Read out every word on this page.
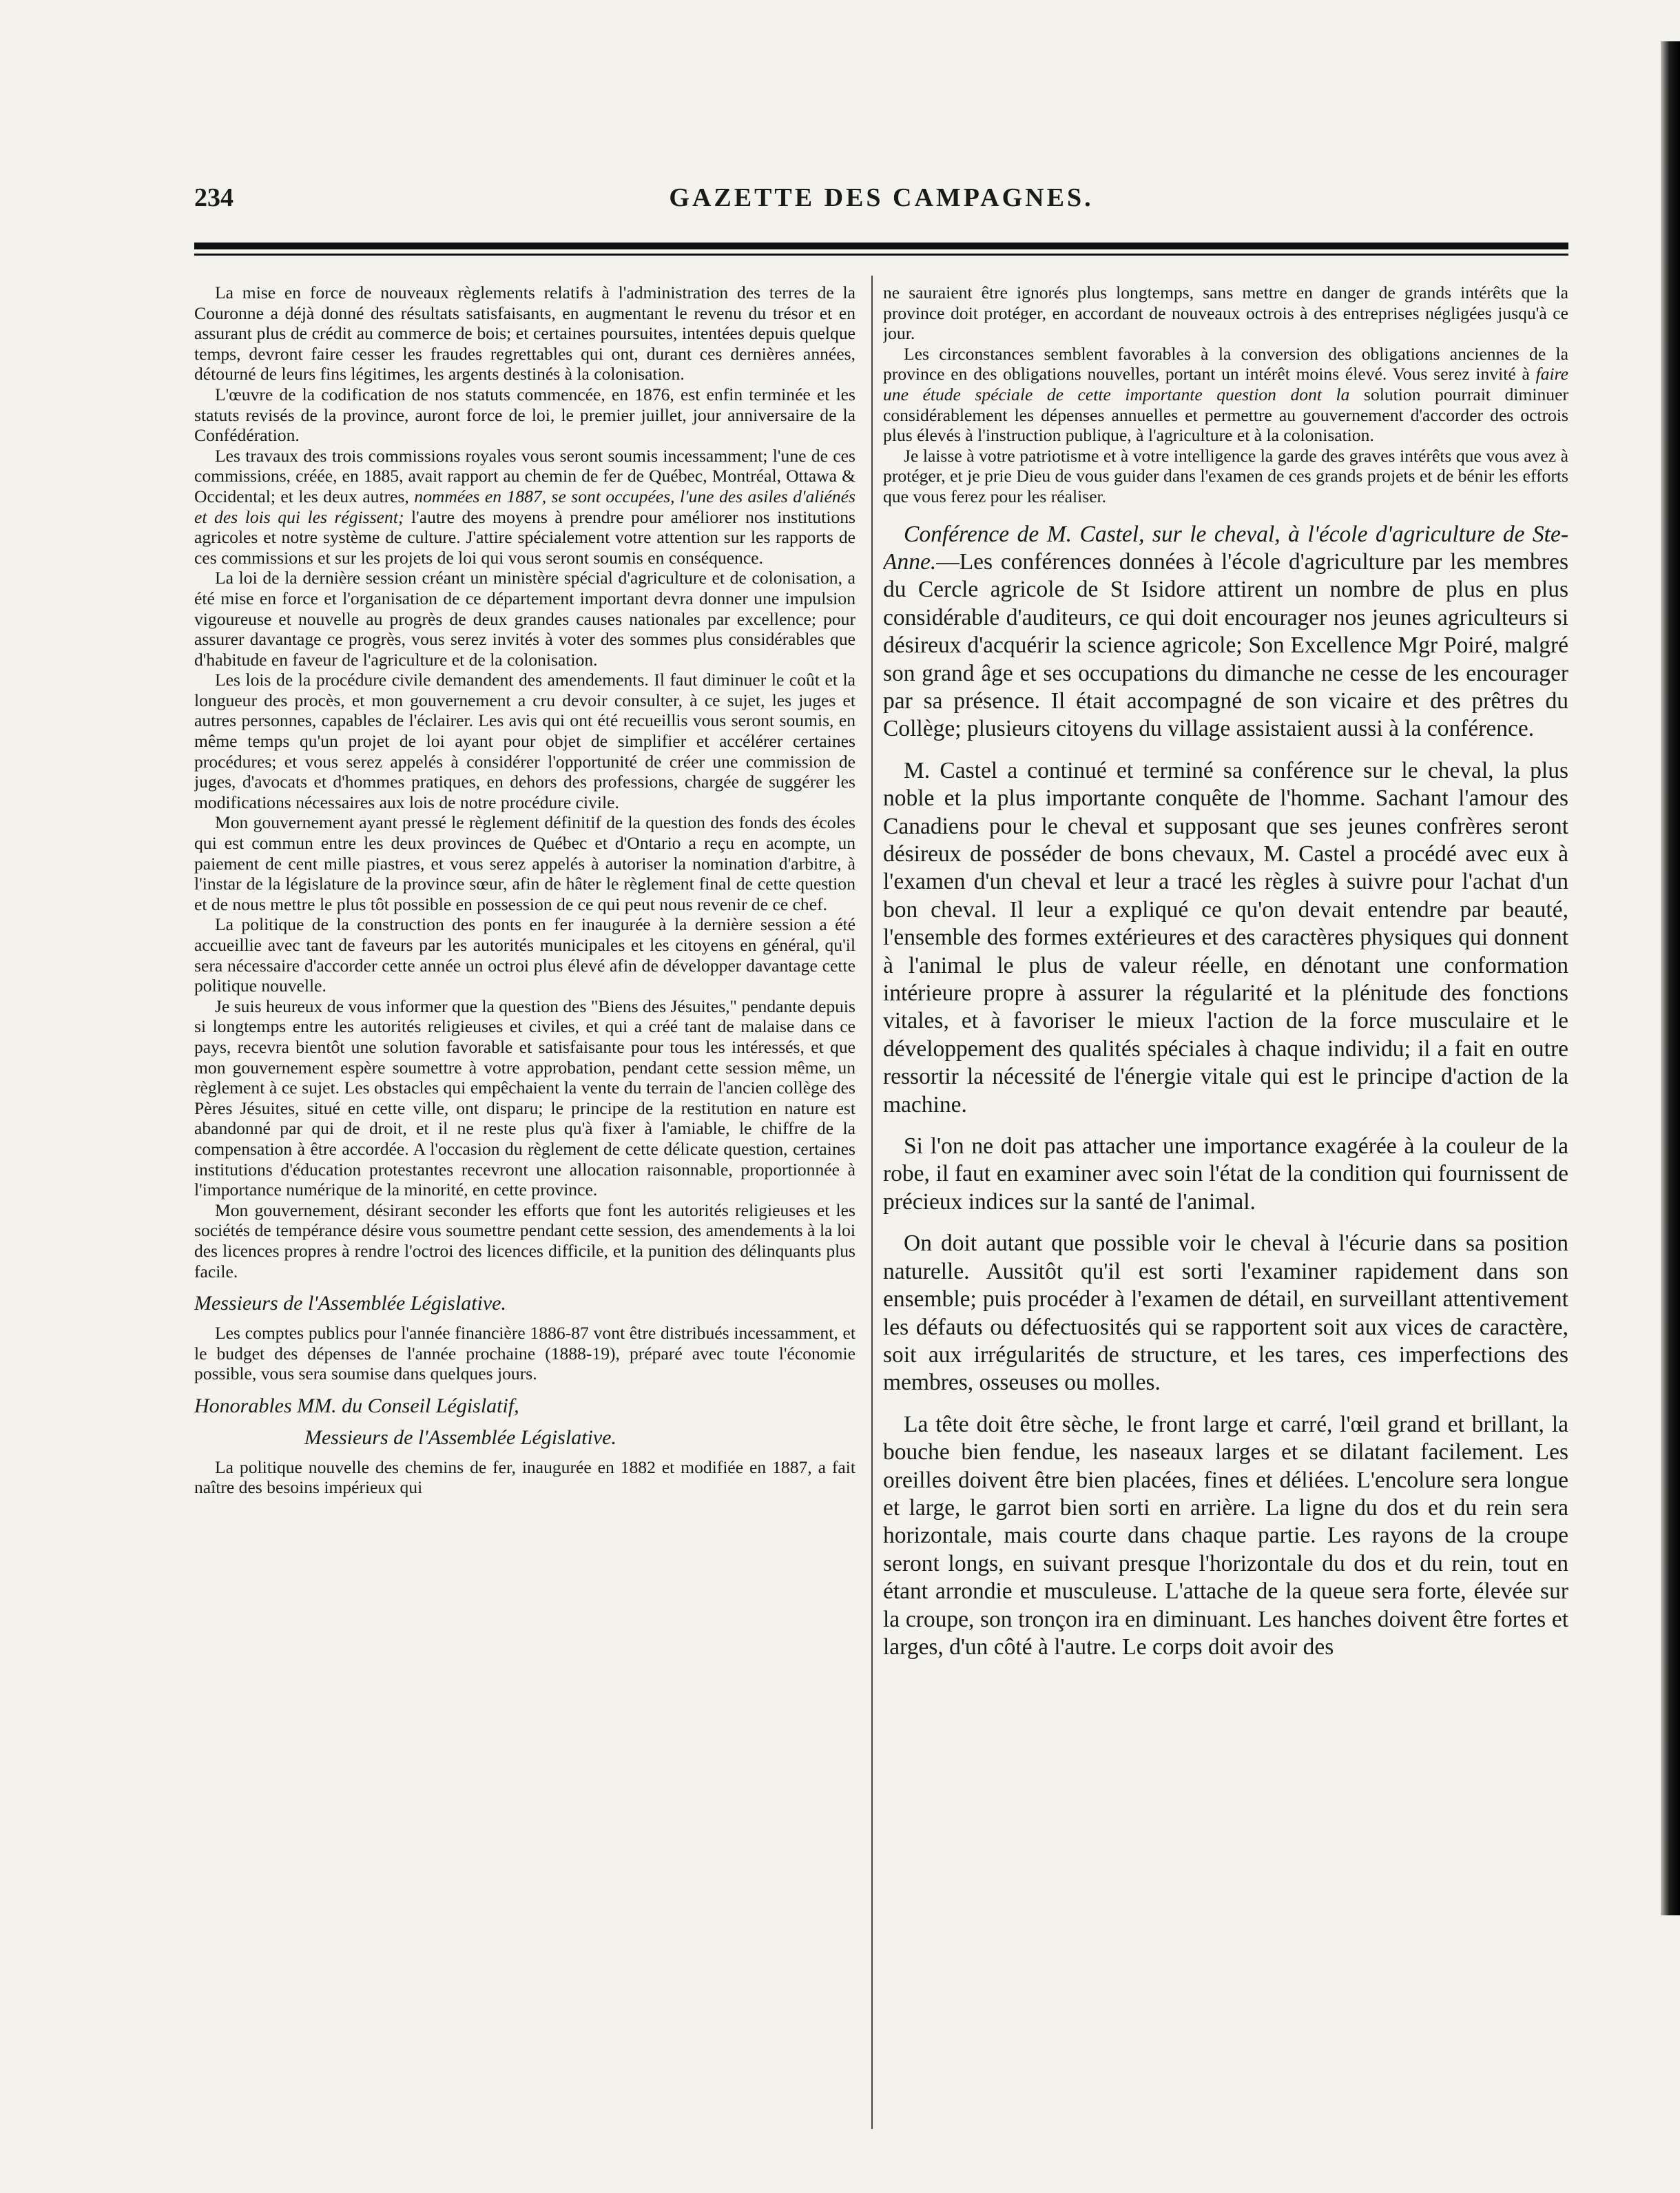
234	GAZETTE DES CAMPAGNES.

La mise en force de nouveaux règlements relatifs à l'administration des terres de la Couronne a déjà donné des résultats satisfaisants, en augmentant le revenu du trésor et en assurant plus de crédit au commerce de bois; et certaines poursuites, intentées depuis quelque temps, devront faire cesser les fraudes regrettables qui ont, durant ces dernières années, détourné de leurs fins légitimes, les argents destinés à la colonisation.

L'œuvre de la codification de nos statuts commencée, en 1876, est enfin terminée et les statuts revisés de la province, auront force de loi, le premier juillet, jour anniversaire de la Confédération.

Les travaux des trois commissions royales vous seront soumis incessamment; l'une de ces commissions, créée, en 1885, avait rapport au chemin de fer de Québec, Montréal, Ottawa & Occidental; et les deux autres, nommées en 1887, se sont occupées, l'une des asiles d'aliénés et des lois qui les régissent; l'autre des moyens à prendre pour améliorer nos institutions agricoles et notre système de culture. J'attire spécialement votre attention sur les rapports de ces commissions et sur les projets de loi qui vous seront soumis en conséquence.

La loi de la dernière session créant un ministère spécial d'agriculture et de colonisation, a été mise en force et l'organisation de ce département important devra donner une impulsion vigoureuse et nouvelle au progrès de deux grandes causes nationales par excellence; pour assurer davantage ce progrès, vous serez invités à voter des sommes plus considérables que d'habitude en faveur de l'agriculture et de la colonisation.

Les lois de la procédure civile demandent des amendements. Il faut diminuer le coût et la longueur des procès, et mon gouvernement a cru devoir consulter, à ce sujet, les juges et autres personnes, capables de l'éclairer. Les avis qui ont été recueillis vous seront soumis, en même temps qu'un projet de loi ayant pour objet de simplifier et accélérer certaines procédures; et vous serez appelés à considérer l'opportunité de créer une commission de juges, d'avocats et d'hommes pratiques, en dehors des professions, chargée de suggérer les modifications nécessaires aux lois de notre procédure civile.

Mon gouvernement ayant pressé le règlement définitif de la question des fonds des écoles qui est commun entre les deux provinces de Québec et d'Ontario a reçu en acompte, un paiement de cent mille piastres, et vous serez appelés à autoriser la nomination d'arbitre, à l'instar de la législature de la province sœur, afin de hâter le règlement final de cette question et de nous mettre le plus tôt possible en possession de ce qui peut nous revenir de ce chef.

La politique de la construction des ponts en fer inaugurée à la dernière session a été accueillie avec tant de faveurs par les autorités municipales et les citoyens en général, qu'il sera nécessaire d'accorder cette année un octroi plus élevé afin de développer davantage cette politique nouvelle.

Je suis heureux de vous informer que la question des "Biens des Jésuites," pendante depuis si longtemps entre les autorités religieuses et civiles, et qui a créé tant de malaise dans ce pays, recevra bientôt une solution favorable et satisfaisante pour tous les intéressés, et que mon gouvernement espère soumettre à votre approbation, pendant cette session même, un règlement à ce sujet. Les obstacles qui empêchaient la vente du terrain de l'ancien collège des Pères Jésuites, situé en cette ville, ont disparu; le principe de la restitution en nature est abandonné par qui de droit, et il ne reste plus qu'à fixer à l'amiable, le chiffre de la compensation à être accordée. A l'occasion du règlement de cette délicate question, certaines institutions d'éducation protestantes recevront une allocation raisonnable, proportionnée à l'importance numérique de la minorité, en cette province.

Mon gouvernement, désirant seconder les efforts que font les autorités religieuses et les sociétés de tempérance désire vous soumettre pendant cette session, des amendements à la loi des licences propres à rendre l'octroi des licences difficile, et la punition des délinquants plus facile.

Messieurs de l'Assemblée Législative.

Les comptes publics pour l'année financière 1886-87 vont être distribués incessamment, et le budget des dépenses de l'année prochaine (1888-19), préparé avec toute l'économie possible, vous sera soumise dans quelques jours.

Honorables MM. du Conseil Législatif,
Messieurs de l'Assemblée Législative.

La politique nouvelle des chemins de fer, inaugurée en 1882 et modifiée en 1887, a fait naître des besoins impérieux qui

ne sauraient être ignorés plus longtemps, sans mettre en danger de grands intérêts que la province doit protéger, en accordant de nouveaux octrois à des entreprises négligées jusqu'à ce jour.

Les circonstances semblent favorables à la conversion des obligations anciennes de la province en des obligations nouvelles, portant un intérêt moins élevé. Vous serez invité à faire une étude spéciale de cette importante question dont la solution pourrait diminuer considérablement les dépenses annuelles et permettre au gouvernement d'accorder des octrois plus élevés à l'instruction publique, à l'agriculture et à la colonisation.

Je laisse à votre patriotisme et à votre intelligence la garde des graves intérêts que vous avez à protéger, et je prie Dieu de vous guider dans l'examen de ces grands projets et de bénir les efforts que vous ferez pour les réaliser.

Conférence de M. Castel, sur le cheval, à l'école d'agriculture de Ste-Anne.—Les conférences données à l'école d'agriculture par les membres du Cercle agricole de St Isidore attirent un nombre de plus en plus considérable d'auditeurs, ce qui doit encourager nos jeunes agriculteurs si désireux d'acquérir la science agricole; Son Excellence Mgr Poiré, malgré son grand âge et ses occupations du dimanche ne cesse de les encourager par sa présence. Il était accompagné de son vicaire et des prêtres du Collège; plusieurs citoyens du village assistaient aussi à la conférence.

M. Castel a continué et terminé sa conférence sur le cheval, la plus noble et la plus importante conquête de l'homme. Sachant l'amour des Canadiens pour le cheval et supposant que ses jeunes confrères seront désireux de posséder de bons chevaux, M. Castel a procédé avec eux à l'examen d'un cheval et leur a tracé les règles à suivre pour l'achat d'un bon cheval. Il leur a expliqué ce qu'on devait entendre par beauté, l'ensemble des formes extérieures et des caractères physiques qui donnent à l'animal le plus de valeur réelle, en dénotant une conformation intérieure propre à assurer la régularité et la plénitude des fonctions vitales, et à favoriser le mieux l'action de la force musculaire et le développement des qualités spéciales à chaque individu; il a fait en outre ressortir la nécessité de l'énergie vitale qui est le principe d'action de la machine.

Si l'on ne doit pas attacher une importance exagérée à la couleur de la robe, il faut en examiner avec soin l'état de la condition qui fournissent de précieux indices sur la santé de l'animal.

On doit autant que possible voir le cheval à l'écurie dans sa position naturelle. Aussitôt qu'il est sorti l'examiner rapidement dans son ensemble; puis procéder à l'examen de détail, en surveillant attentivement les défauts ou défectuosités qui se rapportent soit aux vices de caractère, soit aux irrégularités de structure, et les tares, ces imperfections des membres, osseuses ou molles.

La tête doit être sèche, le front large et carré, l'œil grand et brillant, la bouche bien fendue, les naseaux larges et se dilatant facilement. Les oreilles doivent être bien placées, fines et déliées. L'encolure sera longue et large, le garrot bien sorti en arrière. La ligne du dos et du rein sera horizontale, mais courte dans chaque partie. Les rayons de la croupe seront longs, en suivant presque l'horizontale du dos et du rein, tout en étant arrondie et musculeuse. L'attache de la queue sera forte, élevée sur la croupe, son tronçon ira en diminuant. Les hanches doivent être fortes et larges, d'un côté à l'autre. Le corps doit avoir des
